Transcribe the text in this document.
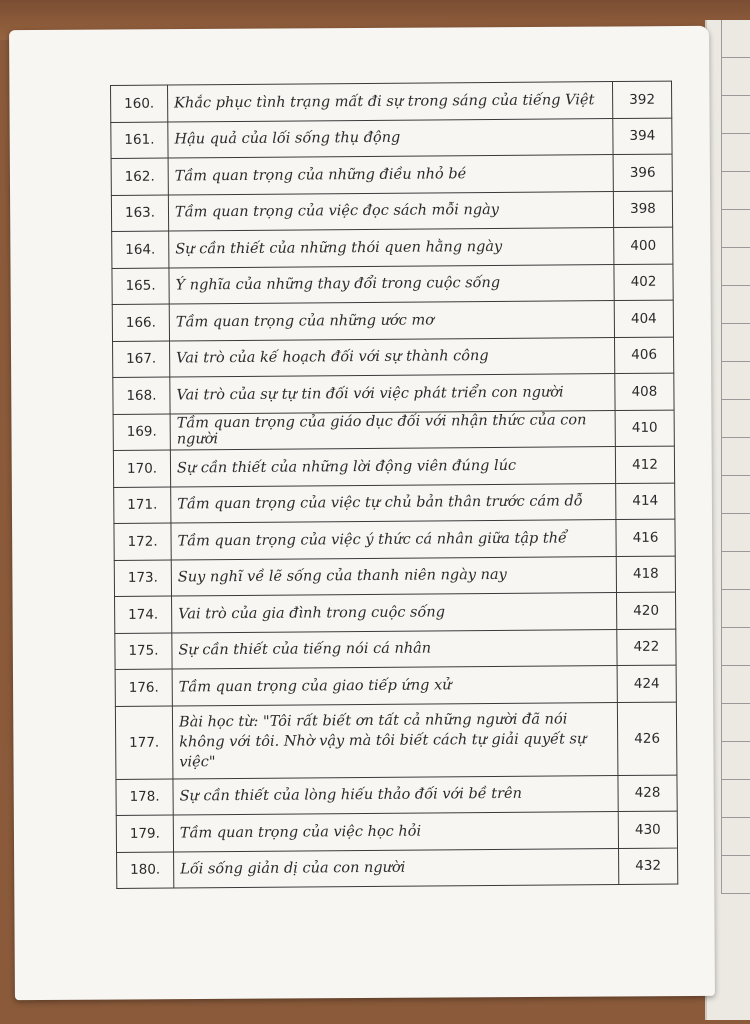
160.	Khắc phục tình trạng mất đi sự trong sáng của tiếng Việt	392
161.	Hậu quả của lối sống thụ động	394
162.	Tầm quan trọng của những điều nhỏ bé	396
163.	Tầm quan trọng của việc đọc sách mỗi ngày	398
164.	Sự cần thiết của những thói quen hằng ngày	400
165.	Ý nghĩa của những thay đổi trong cuộc sống	402
166.	Tầm quan trọng của những ước mơ	404
167.	Vai trò của kế hoạch đối với sự thành công	406
168.	Vai trò của sự tự tin đối với việc phát triển con người	408
169.	Tầm quan trọng của giáo dục đối với nhận thức của con người	410
170.	Sự cần thiết của những lời động viên đúng lúc	412
171.	Tầm quan trọng của việc tự chủ bản thân trước cám dỗ	414
172.	Tầm quan trọng của việc ý thức cá nhân giữa tập thể	416
173.	Suy nghĩ về lẽ sống của thanh niên ngày nay	418
174.	Vai trò của gia đình trong cuộc sống	420
175.	Sự cần thiết của tiếng nói cá nhân	422
176.	Tầm quan trọng của giao tiếp ứng xử	424
177.	Bài học từ: "Tôi rất biết ơn tất cả những người đã nói không với tôi. Nhờ vậy mà tôi biết cách tự giải quyết sự việc"	426
178.	Sự cần thiết của lòng hiếu thảo đối với bề trên	428
179.	Tầm quan trọng của việc học hỏi	430
180.	Lối sống giản dị của con người	432
